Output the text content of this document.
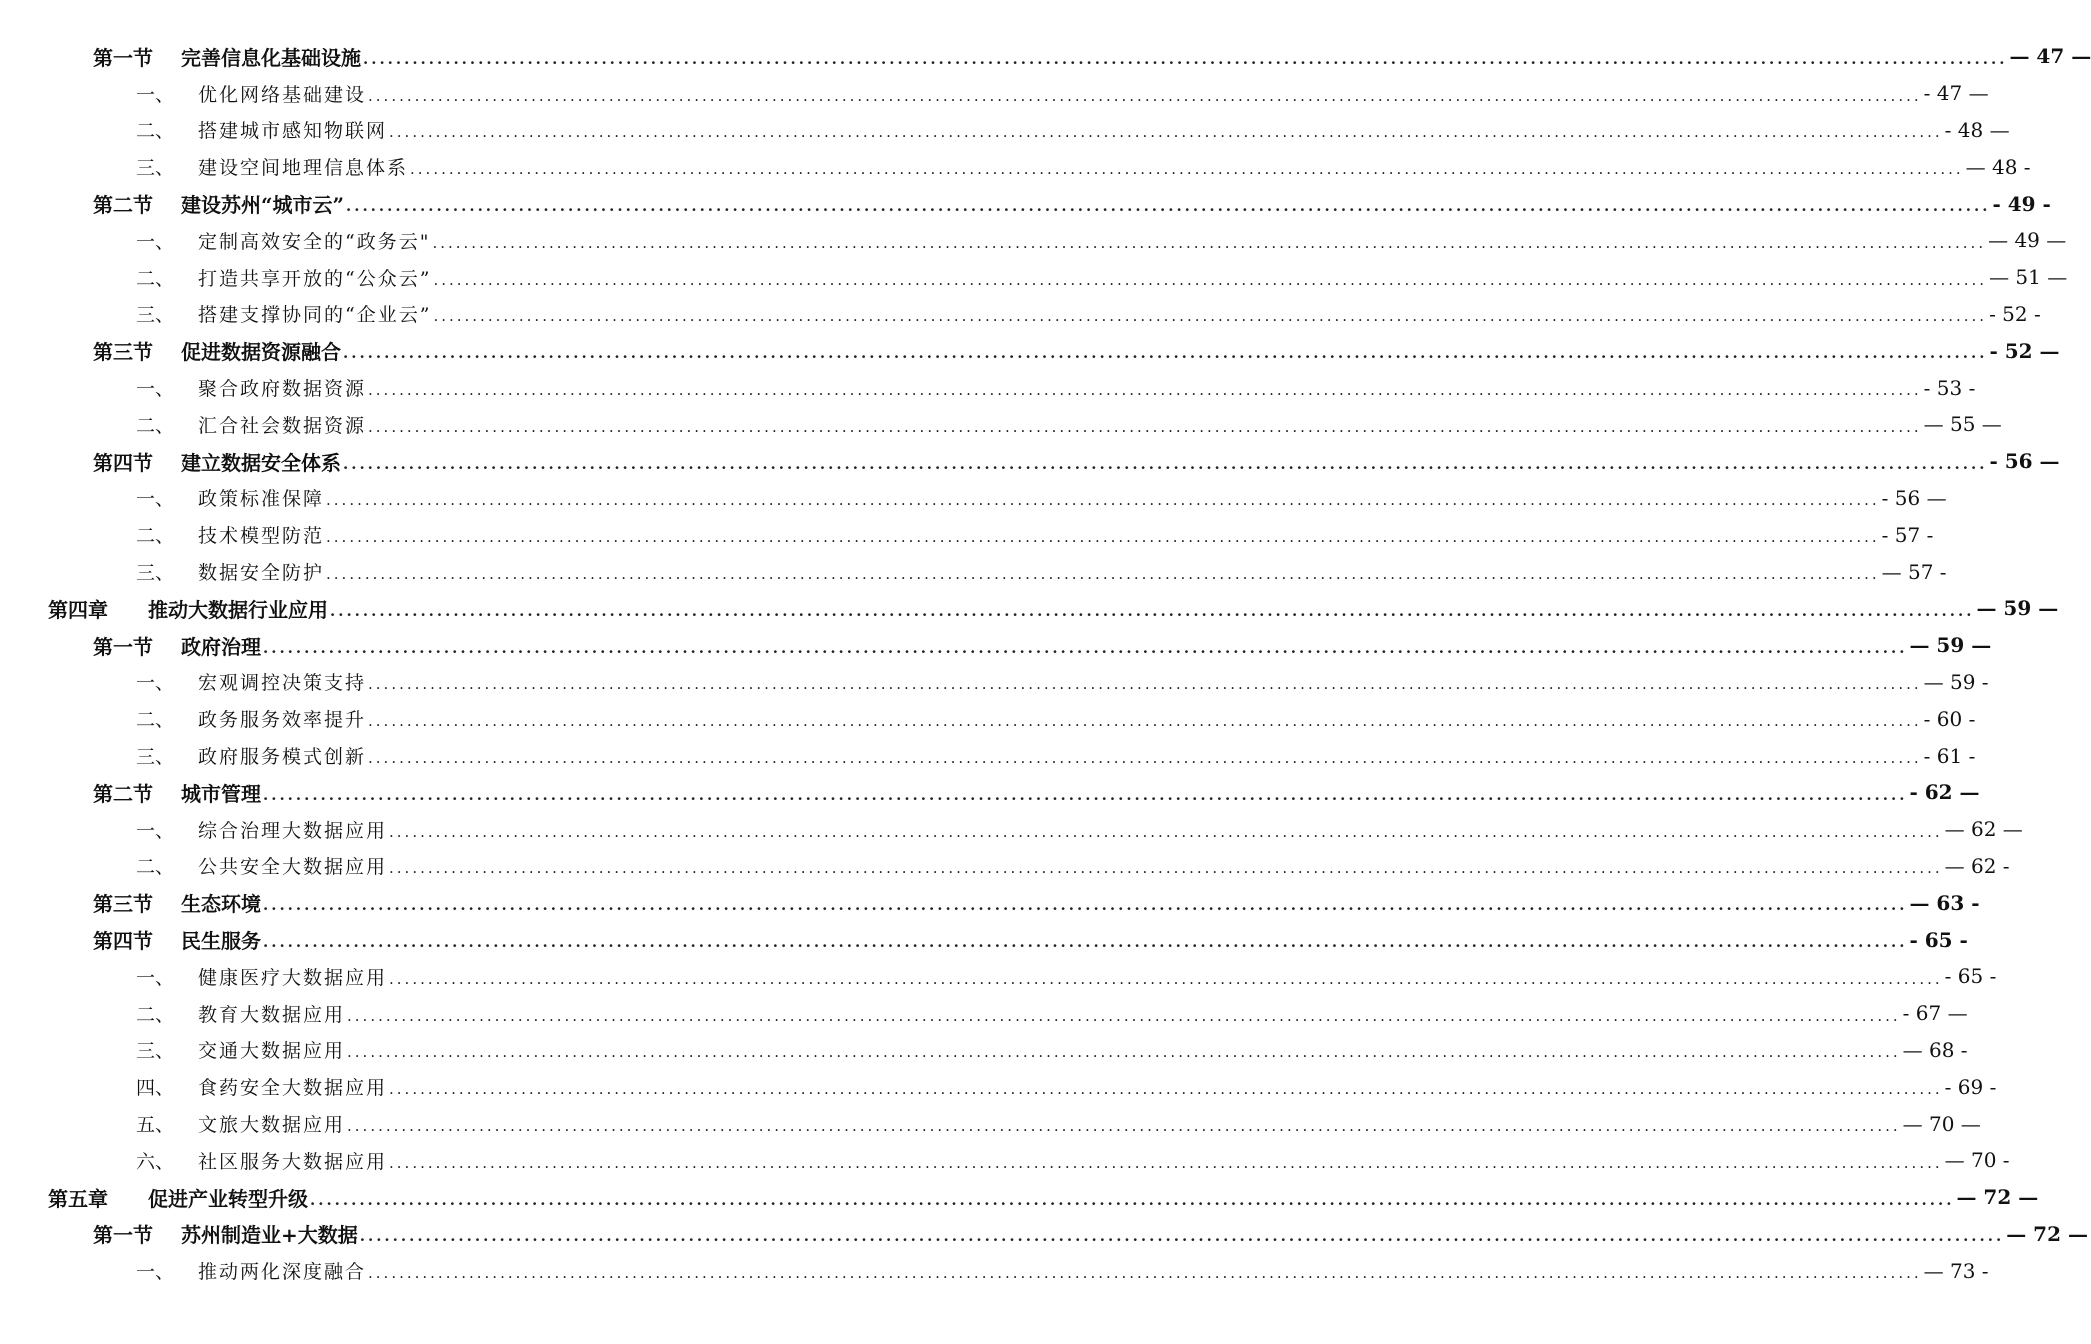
第一节	完善信息化基础设施 ........................................................................................................................................................................................................ — 47 —
一、	优化网络基础建设 ........................................................................................................................................................................................................ - 47 —
二、	搭建城市感知物联网 ........................................................................................................................................................................................................ - 48 —
三、	建设空间地理信息体系 ........................................................................................................................................................................................................ — 48 -
第二节	建设苏州“城市云” ........................................................................................................................................................................................................ - 49 -
一、	定制高效安全的“政务云" ........................................................................................................................................................................................................ — 49 —
二、	打造共享开放的“公众云” ........................................................................................................................................................................................................ — 51 —
三、	搭建支撑协同的“企业云” ........................................................................................................................................................................................................ - 52 -
第三节	促进数据资源融合 ........................................................................................................................................................................................................ - 52 —
一、	聚合政府数据资源 ........................................................................................................................................................................................................ - 53 -
二、	汇合社会数据资源 ........................................................................................................................................................................................................ — 55 —
第四节	建立数据安全体系 ........................................................................................................................................................................................................ - 56 —
一、	政策标准保障 ........................................................................................................................................................................................................ - 56 —
二、	技术模型防范 ........................................................................................................................................................................................................ - 57 -
三、	数据安全防护 ........................................................................................................................................................................................................ — 57 -
第四章	推动大数据行业应用 ........................................................................................................................................................................................................ — 59 —
第一节	政府治理 ........................................................................................................................................................................................................ — 59 —
一、	宏观调控决策支持 ........................................................................................................................................................................................................ — 59 -
二、	政务服务效率提升 ........................................................................................................................................................................................................ - 60 -
三、	政府服务模式创新 ........................................................................................................................................................................................................ - 61 -
第二节	城市管理 ........................................................................................................................................................................................................ - 62 —
一、	综合治理大数据应用 ........................................................................................................................................................................................................ — 62 —
二、	公共安全大数据应用 ........................................................................................................................................................................................................ — 62 -
第三节	生态环境 ........................................................................................................................................................................................................ — 63 -
第四节	民生服务 ........................................................................................................................................................................................................ - 65 -
一、	健康医疗大数据应用 ........................................................................................................................................................................................................ - 65 -
二、	教育大数据应用 ........................................................................................................................................................................................................ - 67 —
三、	交通大数据应用 ........................................................................................................................................................................................................ — 68 -
四、	食药安全大数据应用 ........................................................................................................................................................................................................ - 69 -
五、	文旅大数据应用 ........................................................................................................................................................................................................ — 70 —
六、	社区服务大数据应用 ........................................................................................................................................................................................................ — 70 -
第五章	促进产业转型升级 ........................................................................................................................................................................................................ — 72 —
第一节	苏州制造业+大数据 ........................................................................................................................................................................................................ — 72 —
一、	推动两化深度融合 ........................................................................................................................................................................................................ — 73 -
